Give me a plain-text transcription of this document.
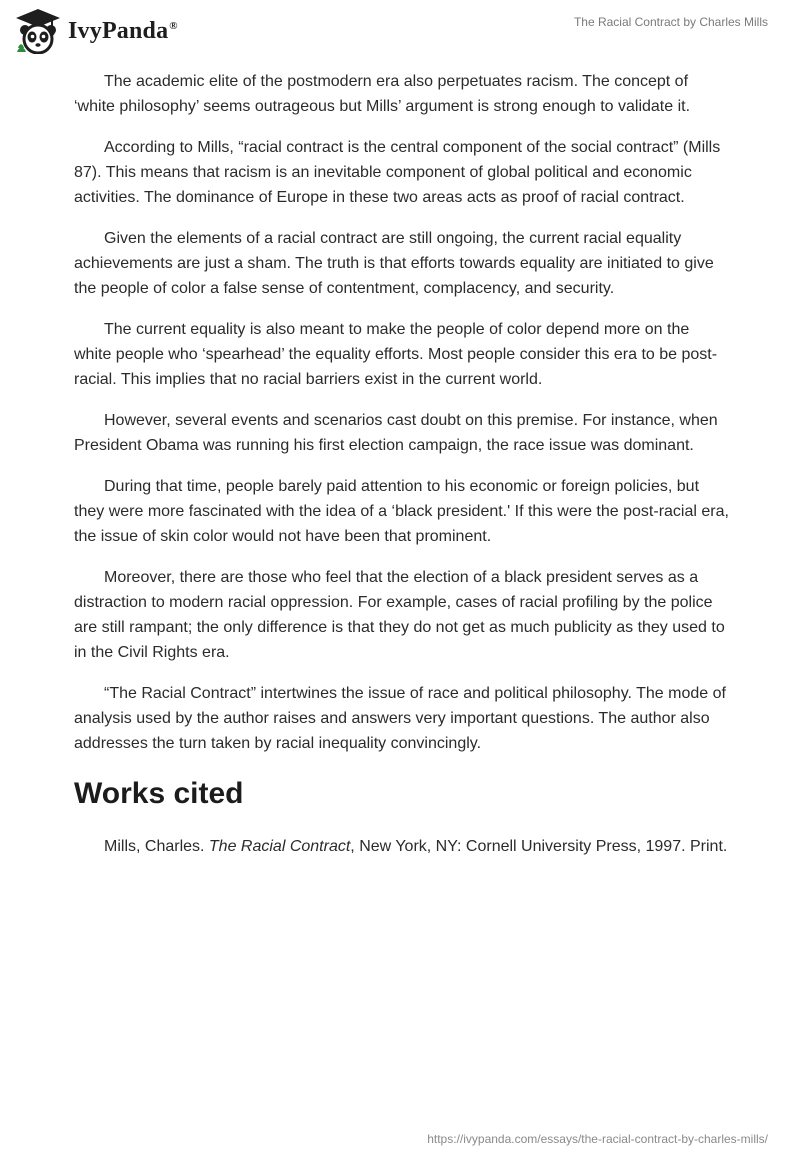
IvyPanda®	The Racial Contract by Charles Mills

The academic elite of the postmodern era also perpetuates racism. The concept of ‘white philosophy’ seems outrageous but Mills’ argument is strong enough to validate it.

According to Mills, “racial contract is the central component of the social contract” (Mills 87). This means that racism is an inevitable component of global political and economic activities. The dominance of Europe in these two areas acts as proof of racial contract.

Given the elements of a racial contract are still ongoing, the current racial equality achievements are just a sham. The truth is that efforts towards equality are initiated to give the people of color a false sense of contentment, complacency, and security.

The current equality is also meant to make the people of color depend more on the white people who ‘spearhead’ the equality efforts. Most people consider this era to be post-racial. This implies that no racial barriers exist in the current world.

However, several events and scenarios cast doubt on this premise. For instance, when President Obama was running his first election campaign, the race issue was dominant.

During that time, people barely paid attention to his economic or foreign policies, but they were more fascinated with the idea of a ‘black president.' If this were the post-racial era, the issue of skin color would not have been that prominent.

Moreover, there are those who feel that the election of a black president serves as a distraction to modern racial oppression. For example, cases of racial profiling by the police are still rampant; the only difference is that they do not get as much publicity as they used to in the Civil Rights era.

“The Racial Contract” intertwines the issue of race and political philosophy. The mode of analysis used by the author raises and answers very important questions. The author also addresses the turn taken by racial inequality convincingly.

Works cited

Mills, Charles. The Racial Contract, New York, NY: Cornell University Press, 1997. Print.

https://ivypanda.com/essays/the-racial-contract-by-charles-mills/
